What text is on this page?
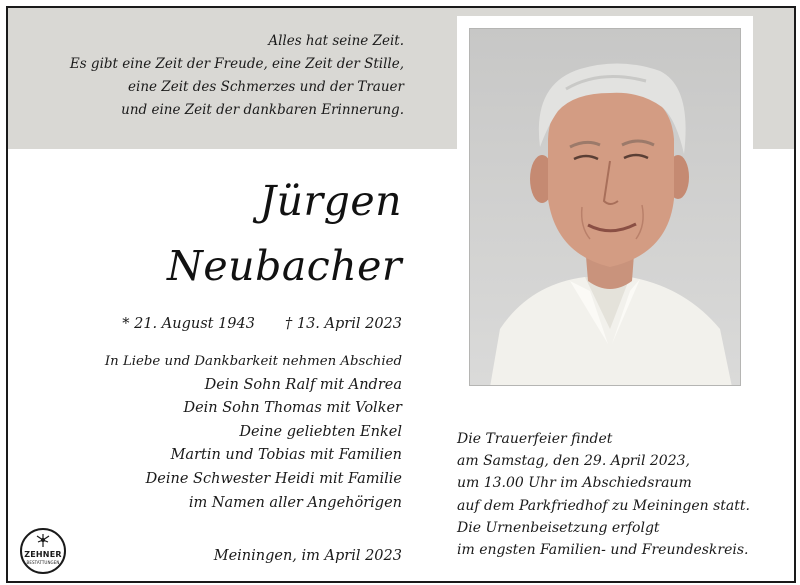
Alles hat seine Zeit.
Es gibt eine Zeit der Freude, eine Zeit der Stille,
eine Zeit des Schmerzes und der Trauer
und eine Zeit der dankbaren Erinnerung.
Jürgen
Neubacher
* 21. August 1943 † 13. April 2023
In Liebe und Dankbarkeit nehmen Abschied
Dein Sohn Ralf mit Andrea
Dein Sohn Thomas mit Volker
Deine geliebten Enkel
Martin und Tobias mit Familien
Deine Schwester Heidi mit Familie
im Namen aller Angehörigen
Meiningen, im April 2023
Die Trauerfeier findet
am Samstag, den 29. April 2023,
um 13.00 Uhr im Abschiedsraum
auf dem Parkfriedhof zu Meiningen statt.
Die Urnenbeisetzung erfolgt
im engsten Familien- und Freundeskreis.
ZEHNER
BESTATTUNGEN
